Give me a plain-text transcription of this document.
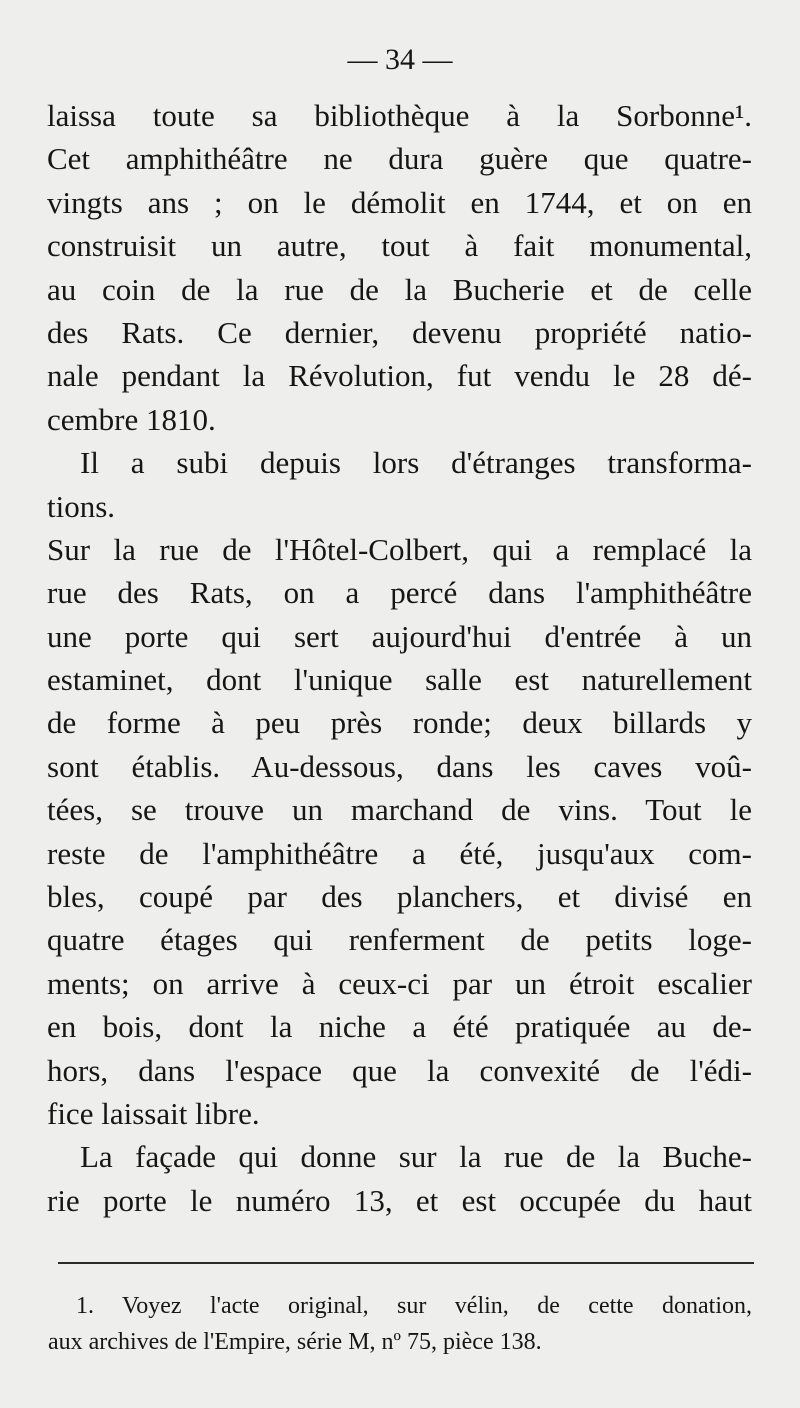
— 34 —
laissa toute sa bibliothèque à la Sorbonne¹.
Cet amphithéâtre ne dura guère que quatre-
vingts ans ; on le démolit en 1744, et on en
construisit un autre, tout à fait monumental,
au coin de la rue de la Bucherie et de celle
des Rats. Ce dernier, devenu propriété natio-
nale pendant la Révolution, fut vendu le 28 dé-
cembre 1810.
Il a subi depuis lors d'étranges transforma-
tions.
Sur la rue de l'Hôtel-Colbert, qui a remplacé la
rue des Rats, on a percé dans l'amphithéâtre
une porte qui sert aujourd'hui d'entrée à un
estaminet, dont l'unique salle est naturellement
de forme à peu près ronde; deux billards y
sont établis. Au-dessous, dans les caves voû-
tées, se trouve un marchand de vins. Tout le
reste de l'amphithéâtre a été, jusqu'aux com-
bles, coupé par des planchers, et divisé en
quatre étages qui renferment de petits loge-
ments; on arrive à ceux-ci par un étroit escalier
en bois, dont la niche a été pratiquée au de-
hors, dans l'espace que la convexité de l'édi-
fice laissait libre.
La façade qui donne sur la rue de la Buche-
rie porte le numéro 13, et est occupée du haut
1. Voyez l'acte original, sur vélin, de cette donation,
aux archives de l'Empire, série M, nº 75, pièce 138.
